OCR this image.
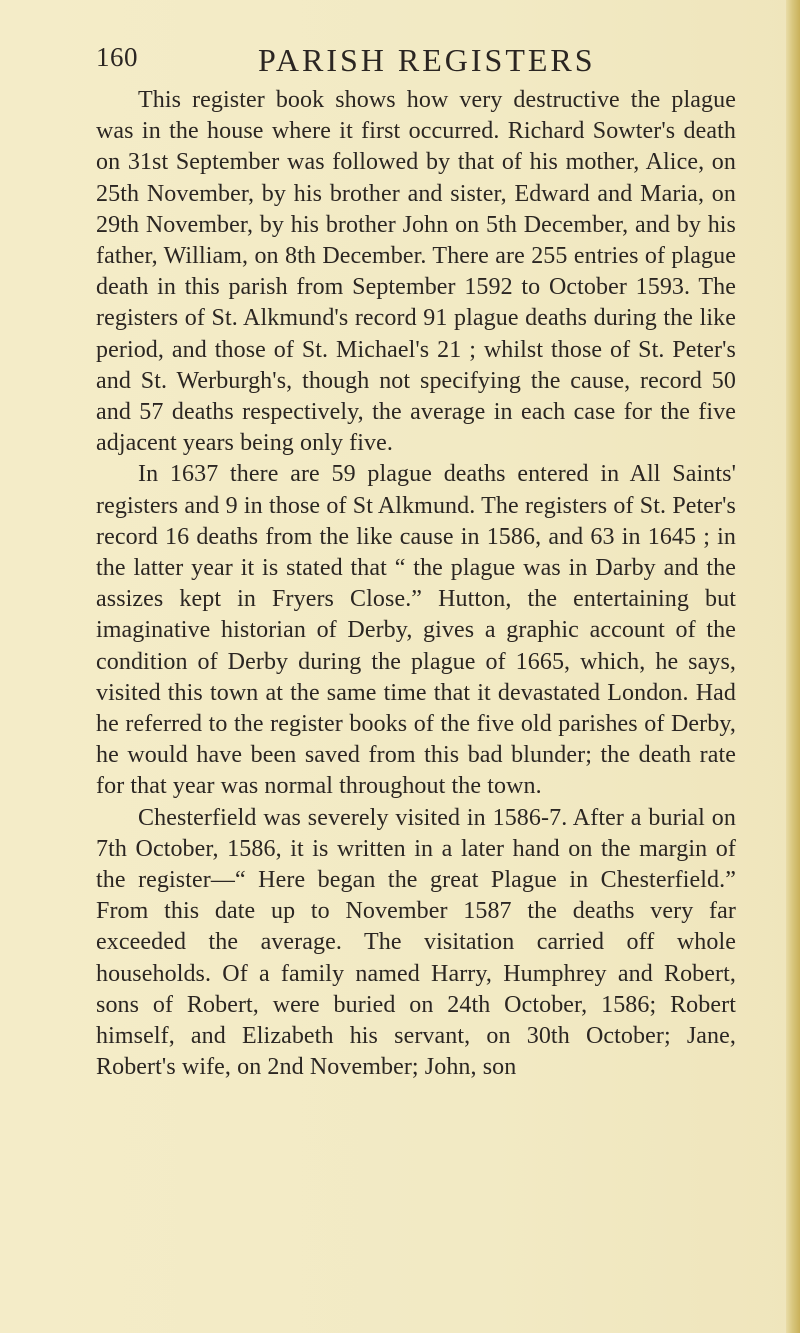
160	PARISH REGISTERS

This register book shows how very destructive the plague was in the house where it first occurred. Richard Sowter's death on 31st September was followed by that of his mother, Alice, on 25th November, by his brother and sister, Edward and Maria, on 29th November, by his brother John on 5th December, and by his father, William, on 8th December. There are 255 entries of plague death in this parish from September 1592 to October 1593. The registers of St. Alkmund's record 91 plague deaths during the like period, and those of St. Michael's 21 ; whilst those of St. Peter's and St. Werburgh's, though not specifying the cause, record 50 and 57 deaths respectively, the average in each case for the five adjacent years being only five.

In 1637 there are 59 plague deaths entered in All Saints' registers and 9 in those of St Alkmund. The registers of St. Peter's record 16 deaths from the like cause in 1586, and 63 in 1645 ; in the latter year it is stated that “ the plague was in Darby and the assizes kept in Fryers Close.” Hutton, the entertaining but imaginative historian of Derby, gives a graphic account of the condition of Derby during the plague of 1665, which, he says, visited this town at the same time that it devastated London. Had he referred to the register books of the five old parishes of Derby, he would have been saved from this bad blunder; the death rate for that year was normal throughout the town.

Chesterfield was severely visited in 1586-7. After a burial on 7th October, 1586, it is written in a later hand on the margin of the register—“ Here began the great Plague in Chesterfield.” From this date up to November 1587 the deaths very far exceeded the average. The visitation carried off whole households. Of a family named Harry, Humphrey and Robert, sons of Robert, were buried on 24th October, 1586; Robert himself, and Elizabeth his servant, on 30th October; Jane, Robert's wife, on 2nd November; John, son
